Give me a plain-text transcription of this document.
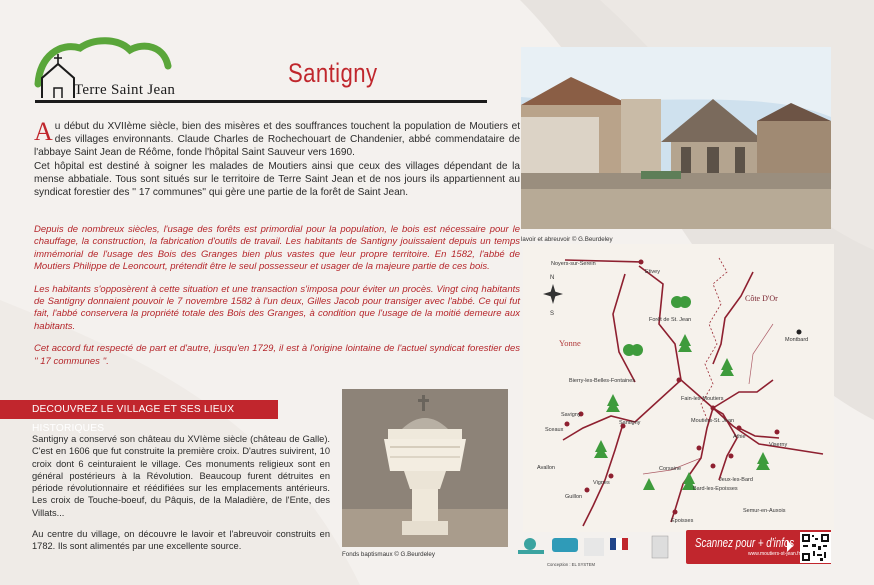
Terre Saint Jean
Santigny
A u début du XVIIème siècle, bien des misères et des souffrances touchent la population de Moutiers et des villages environnants. Claude Charles de Rochechouart de Chandenier, abbé commendataire de l'abbaye Saint Jean de Réôme, fonde l'hôpital Saint Sauveur vers 1690.
Cet hôpital est destiné à soigner les malades de Moutiers ainsi que ceux des villages dépendant de la mense abbatiale. Tous sont situés sur le territoire de Terre Saint Jean et de nos jours ils appartiennent au syndicat forestier des '' 17 communes'' qui gère une partie de la forêt de Saint Jean.

Depuis de nombreux siècles, l'usage des forêts est primordial pour la population, le bois est nécessaire pour le chauffage, la construction, la fabrication d'outils de travail. Les habitants de Santigny jouissaient depuis un temps immémorial de l'usage des Bois des Granges bien plus vastes que leur propre territoire. En 1582, l'abbé de Moutiers Philippe de Leoncourt, prétendit être le seul possesseur et usager de la majeure partie de ces bois.

Les habitants s'opposèrent à cette situation et une transaction s'imposa pour éviter un procès. Vingt cinq habitants de Santigny donnaient pouvoir le 7 novembre 1582 à l'un deux, Gilles Jacob pour transiger avec l'abbé. Ce qui fut fait, l'abbé conservera la propriété totale des Bois des Granges, à condition que l'usage de la moitié demeure aux habitants.

Cet accord fut respecté de part et d'autre, jusqu'en 1729, il est à l'origine lointaine de l'actuel syndicat forestier des '' 17 communes ''.

DECOUVREZ LE VILLAGE ET SES LIEUX HISTORIQUES

Santigny a conservé son château du XVIème siècle (château de Galle). C'est en 1606 que fut construite la première croix. D'autres suivirent, 10 croix dont 6 ceinturaient le village. Ces monuments religieux sont en général postérieurs à la Révolution. Beaucoup furent détruites en période révolutionnaire et réédifiées sur les emplacements antérieurs. Les croix de Touche-boeuf, du Pâquis, de la Maladière, de l'Ente, des Villats...

Au centre du village, on découvre le lavoir et l'abreuvoir construits en 1782. Ils sont alimentés par une excellente source.

Fonds baptismaux © G.Beurdeley
lavoir et abreuvoir © G.Beurdeley
N
S
Côte D'Or
Yonne
Forêt de St. Jean
Noyers-sur-Serein
Etivey
Montbard
Bierry-les-Belles-Fontaines
Fain-les-Moutiers
Moutiers-St. Jean
Athie
Viserny
Sceaux
Savigny
Santigny
Avallon	Corsaine
Jeux-les-Bard
Bard-les-Epoisses
Vignes
Guillon
Semur-en-Auxois
Epoisses
Scannez pour + d'infos
www.moutiers-st-jean.fr
Conception : EL SYSTEM
